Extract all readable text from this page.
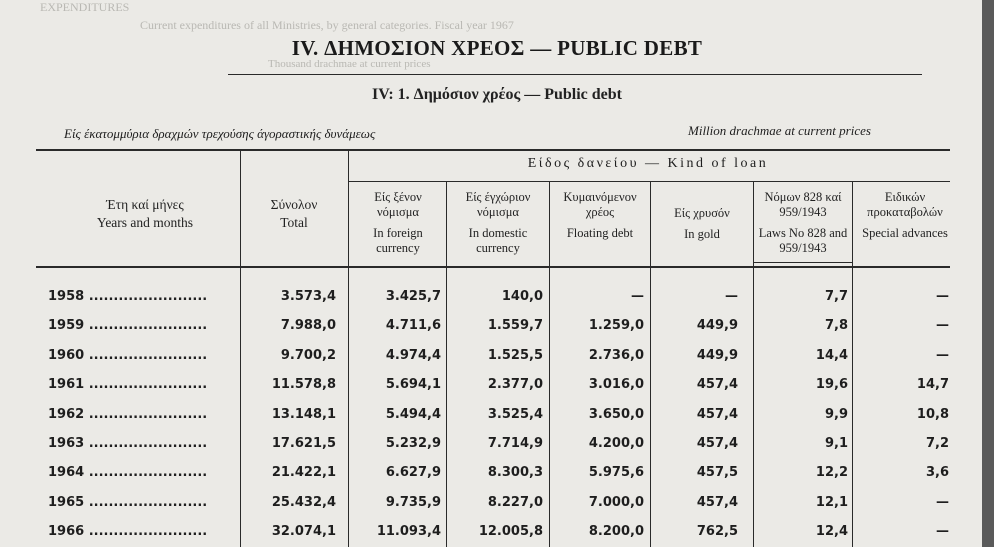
EXPENDITURES
Current expenditures of all Ministries, by general categories. Fiscal year 1967
Thousand drachmae at current prices
IV. ΔΗΜΟΣΙΟΝ ΧΡΕΟΣ — PUBLIC DEBT
IV: 1. Δημόσιον χρέος — Public debt
Είς έκατομμύρια δραχμών τρεχούσης άγοραστικής δυνάμεως	Million drachmae at current prices
Είδος δανείου — Kind of loan
Έτη καί μήνες
Years and months
Σύνολον
Total
Είς ξένον νόμισμα
In foreign currency
Είς έγχώριον νόμισμα
In domestic currency
Κυμαινόμενον χρέος
Floating debt
Είς χρυσόν
In gold
Νόμων 828 καί 959/1943
Laws No 828 and 959/1943
Ειδικών προκαταβολών
Special advances
1958 ........................	3.573,4	3.425,7	140,0	—	—	7,7	—
1959 ........................	7.988,0	4.711,6	1.559,7	1.259,0	449,9	7,8	—
1960 ........................	9.700,2	4.974,4	1.525,5	2.736,0	449,9	14,4	—
1961 ........................	11.578,8	5.694,1	2.377,0	3.016,0	457,4	19,6	14,7
1962 ........................	13.148,1	5.494,4	3.525,4	3.650,0	457,4	9,9	10,8
1963 ........................	17.621,5	5.232,9	7.714,9	4.200,0	457,4	9,1	7,2
1964 ........................	21.422,1	6.627,9	8.300,3	5.975,6	457,5	12,2	3,6
1965 ........................	25.432,4	9.735,9	8.227,0	7.000,0	457,4	12,1	—
1966 ........................	32.074,1	11.093,4	12.005,8	8.200,0	762,5	12,4	—
